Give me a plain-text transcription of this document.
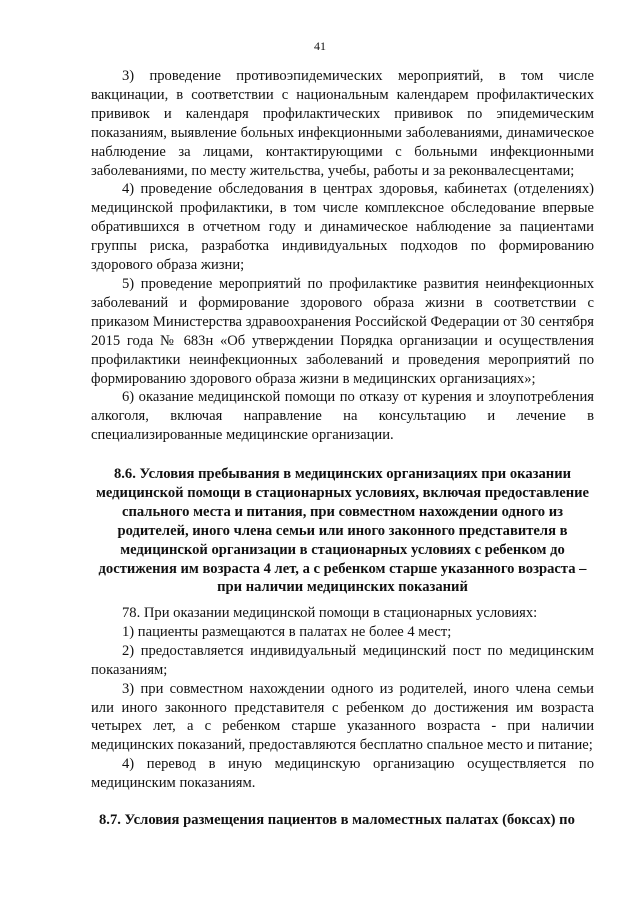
41

3) проведение противоэпидемических мероприятий, в том числе вакцинации, в соответствии с национальным календарем профилактических прививок и календаря профилактических прививок по эпидемическим показаниям, выявление больных инфекционными заболеваниями, динамическое наблюдение за лицами, контактирующими с больными инфекционными заболеваниями, по месту жительства, учебы, работы и за реконвалесцентами;

4) проведение обследования в центрах здоровья, кабинетах (отделениях) медицинской профилактики, в том числе комплексное обследование впервые обратившихся в отчетном году и динамическое наблюдение за пациентами группы риска, разработка индивидуальных подходов по формированию здорового образа жизни;

5) проведение мероприятий по профилактике развития неинфекционных заболеваний и формирование здорового образа жизни в соответствии с приказом Министерства здравоохранения Российской Федерации от 30 сентября 2015 года № 683н «Об утверждении Порядка организации и осуществления профилактики неинфекционных заболеваний и проведения мероприятий по формированию здорового образа жизни в медицинских организациях»;

6) оказание медицинской помощи по отказу от курения и злоупотребления алкоголя, включая направление на консультацию и лечение в специализированные медицинские организации.

8.6. Условия пребывания в медицинских организациях при оказании медицинской помощи в стационарных условиях, включая предоставление спального места и питания, при совместном нахождении одного из родителей, иного члена семьи или иного законного представителя в медицинской организации в стационарных условиях с ребенком до достижения им возраста 4 лет, а с ребенком старше указанного возраста – при наличии медицинских показаний

78. При оказании медицинской помощи в стационарных условиях:

1) пациенты размещаются в палатах не более 4 мест;

2) предоставляется индивидуальный медицинский пост по медицинским показаниям;

3) при совместном нахождении одного из родителей, иного члена семьи или иного законного представителя с ребенком до достижения им возраста четырех лет, а с ребенком старше указанного возраста - при наличии медицинских показаний, предоставляются бесплатно спальное место и питание;

4) перевод в иную медицинскую организацию осуществляется по медицинским показаниям.

8.7. Условия размещения пациентов в маломестных палатах (боксах) по
